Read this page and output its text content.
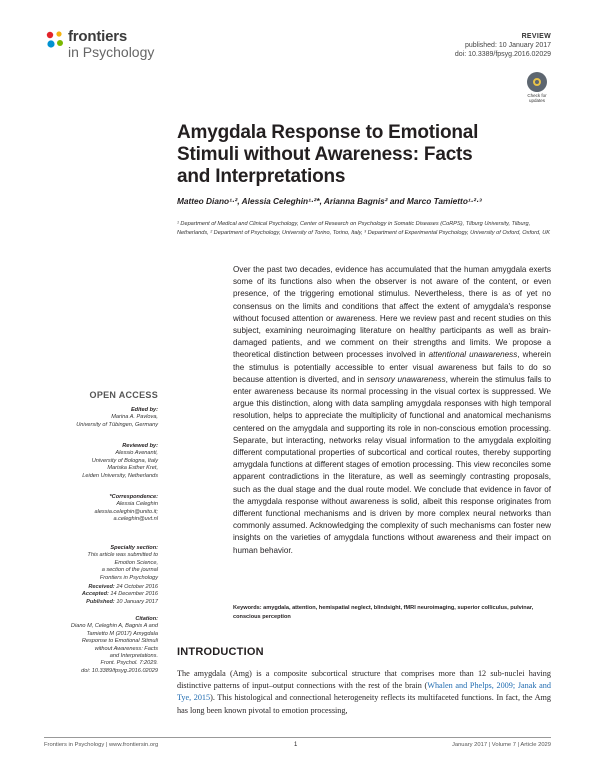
frontiers
in Psychology
REVIEW
published: 10 January 2017
doi: 10.3389/fpsyg.2016.02029
Check for updates
Amygdala Response to Emotional
Stimuli without Awareness: Facts
and Interpretations
Matteo Diano¹·², Alessia Celeghin¹·²*, Arianna Bagnis² and Marco Tamietto¹·²·³
¹ Department of Medical and Clinical Psychology, Center of Research on Psychology in Somatic Diseases (CoRPS), Tilburg University, Tilburg, Netherlands, ² Department of Psychology, University of Torino, Torino, Italy, ³ Department of Experimental Psychology, University of Oxford, Oxford, UK
Over the past two decades, evidence has accumulated that the human amygdala exerts some of its functions also when the observer is not aware of the content, or even presence, of the triggering emotional stimulus. Nevertheless, there is as of yet no consensus on the limits and conditions that affect the extent of amygdala's response without focused attention or awareness. Here we review past and recent studies on this subject, examining neuroimaging literature on healthy participants as well as brain-damaged patients, and we comment on their strengths and limits. We propose a theoretical distinction between processes involved in attentional unawareness, wherein the stimulus is potentially accessible to enter visual awareness but fails to do so because attention is diverted, and in sensory unawareness, wherein the stimulus fails to enter awareness because its normal processing in the visual cortex is suppressed. We argue this distinction, along with data sampling amygdala responses with high temporal resolution, helps to appreciate the multiplicity of functional and anatomical mechanisms centered on the amygdala and supporting its role in non-conscious emotion processing. Separate, but interacting, networks relay visual information to the amygdala exploiting different computational properties of subcortical and cortical routes, thereby supporting amygdala functions at different stages of emotion processing. This view reconciles some apparent contradictions in the literature, as well as seemingly contrasting proposals, such as the dual stage and the dual route model. We conclude that evidence in favor of the amygdala response without awareness is solid, albeit this response originates from different functional mechanisms and is driven by more complex neural networks than commonly assumed. Acknowledging the complexity of such mechanisms can foster new insights on the varieties of amygdala functions without awareness and their impact on human behavior.
Keywords: amygdala, attention, hemispatial neglect, blindsight, fMRI neuroimaging, superior colliculus, pulvinar, conscious perception
OPEN ACCESS
Edited by:
Marina A. Pavlova,
University of Tübingen, Germany
Reviewed by:
Alessio Avenanti,
University of Bologna, Italy
Mariska Esther Kret,
Leiden University, Netherlands
*Correspondence:
Alessia Celeghin
alessia.celeghin@unito.it;
a.celeghin@uvt.nl
Specialty section:
This article was submitted to
Emotion Science,
a section of the journal
Frontiers in Psychology
Received: 24 October 2016
Accepted: 14 December 2016
Published: 10 January 2017
Citation:
Diano M, Celeghin A, Bagnis A and
Tamietto M (2017) Amygdala
Response to Emotional Stimuli
without Awareness: Facts
and Interpretations.
Front. Psychol. 7:2029.
doi: 10.3389/fpsyg.2016.02029
INTRODUCTION
The amygdala (Amg) is a composite subcortical structure that comprises more than 12 sub-nuclei having distinctive patterns of input–output connections with the rest of the brain (Whalen and Phelps, 2009; Janak and Tye, 2015). This histological and connectional heterogeneity reflects its multifaceted functions. In fact, the Amg has long been known pivotal to emotion processing,
Frontiers in Psychology | www.frontiersin.org	1	January 2017 | Volume 7 | Article 2029
